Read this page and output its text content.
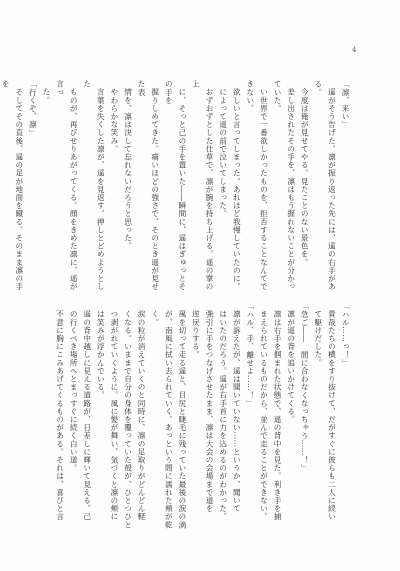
4

「凛、来い」

遥がそう告げた。凛が振り返った先には、遥の右手がある。

今度は俺が見せてやる。見たことのない景色を。

差し出されたその手を、凛はもう握れないことが分かっていた。

い世界で一番欲しかったものを、拒否することなんてできない。

欲しいと言ってしまった。あれほど我慢していたのに。

によって遥の前で泣いてしまった。

おずおずとした仕草で、凛が腕を持ち上げる。遥の掌の上

に、そっと己の手を置いた――瞬間に、遥はぎゅっとその手を

握りしめてきた。痛いほどの強さで、そのとき遥が見せた表

情を、凛は決して忘れないだろうと思った。

やわらかな笑み。

言葉を失くした凛が、遥を見返す。押しとどめようとした

ものが、再びせりあがってくる。顔をきめた凛に、遥が言っ

た。

「行くぞ、凛」

そしてその直後、遥の足が地面を蹴る。そのまま凛の手を

「ハル……っ！」

貴哉たちの横をすり抜けて、だがすぐに彼らも二人に続い

て駆けだした。

「急ご――　間に合わなくなっちゃう……！」

凛が遥の背を追いかけてくる。

凛は右手を掴まれた状態で、遥の背中を見た。利き手を捕

まえられているものだから、並んで走ることができない。

「ハル、手、離せよ……！」

凛が訴えたが、遥は聞いていない……というか、聞いて

はいたのだろう。遥が右手首に力を込めるのがわかった。

強引に手をつなげさせたまま、凛は大会の会場まで道を

逆戻りする。

風を切って走る遥と、目尻と睫毛に残っていた最後の涙の滴

が、南風に拭い去られていく。あっという間に濡れた頬が乾

く。

涙の粒が消えていくのと同時に、凛の足取りがどんどん軽

くなる。いままで自分の身体を覆っていた殻が、ひとつひと

つ剥がれていくように。風に髪が舞い、気づくと凛の頬に

は笑みが浮かんでいる。

遥の背中越しに見える道路が、日差しに輝いて見える。己

の行くべき場所へとまっすぐに続く白い道。

不意に胸にこみあげてくるものがある。それは、喜びと言
